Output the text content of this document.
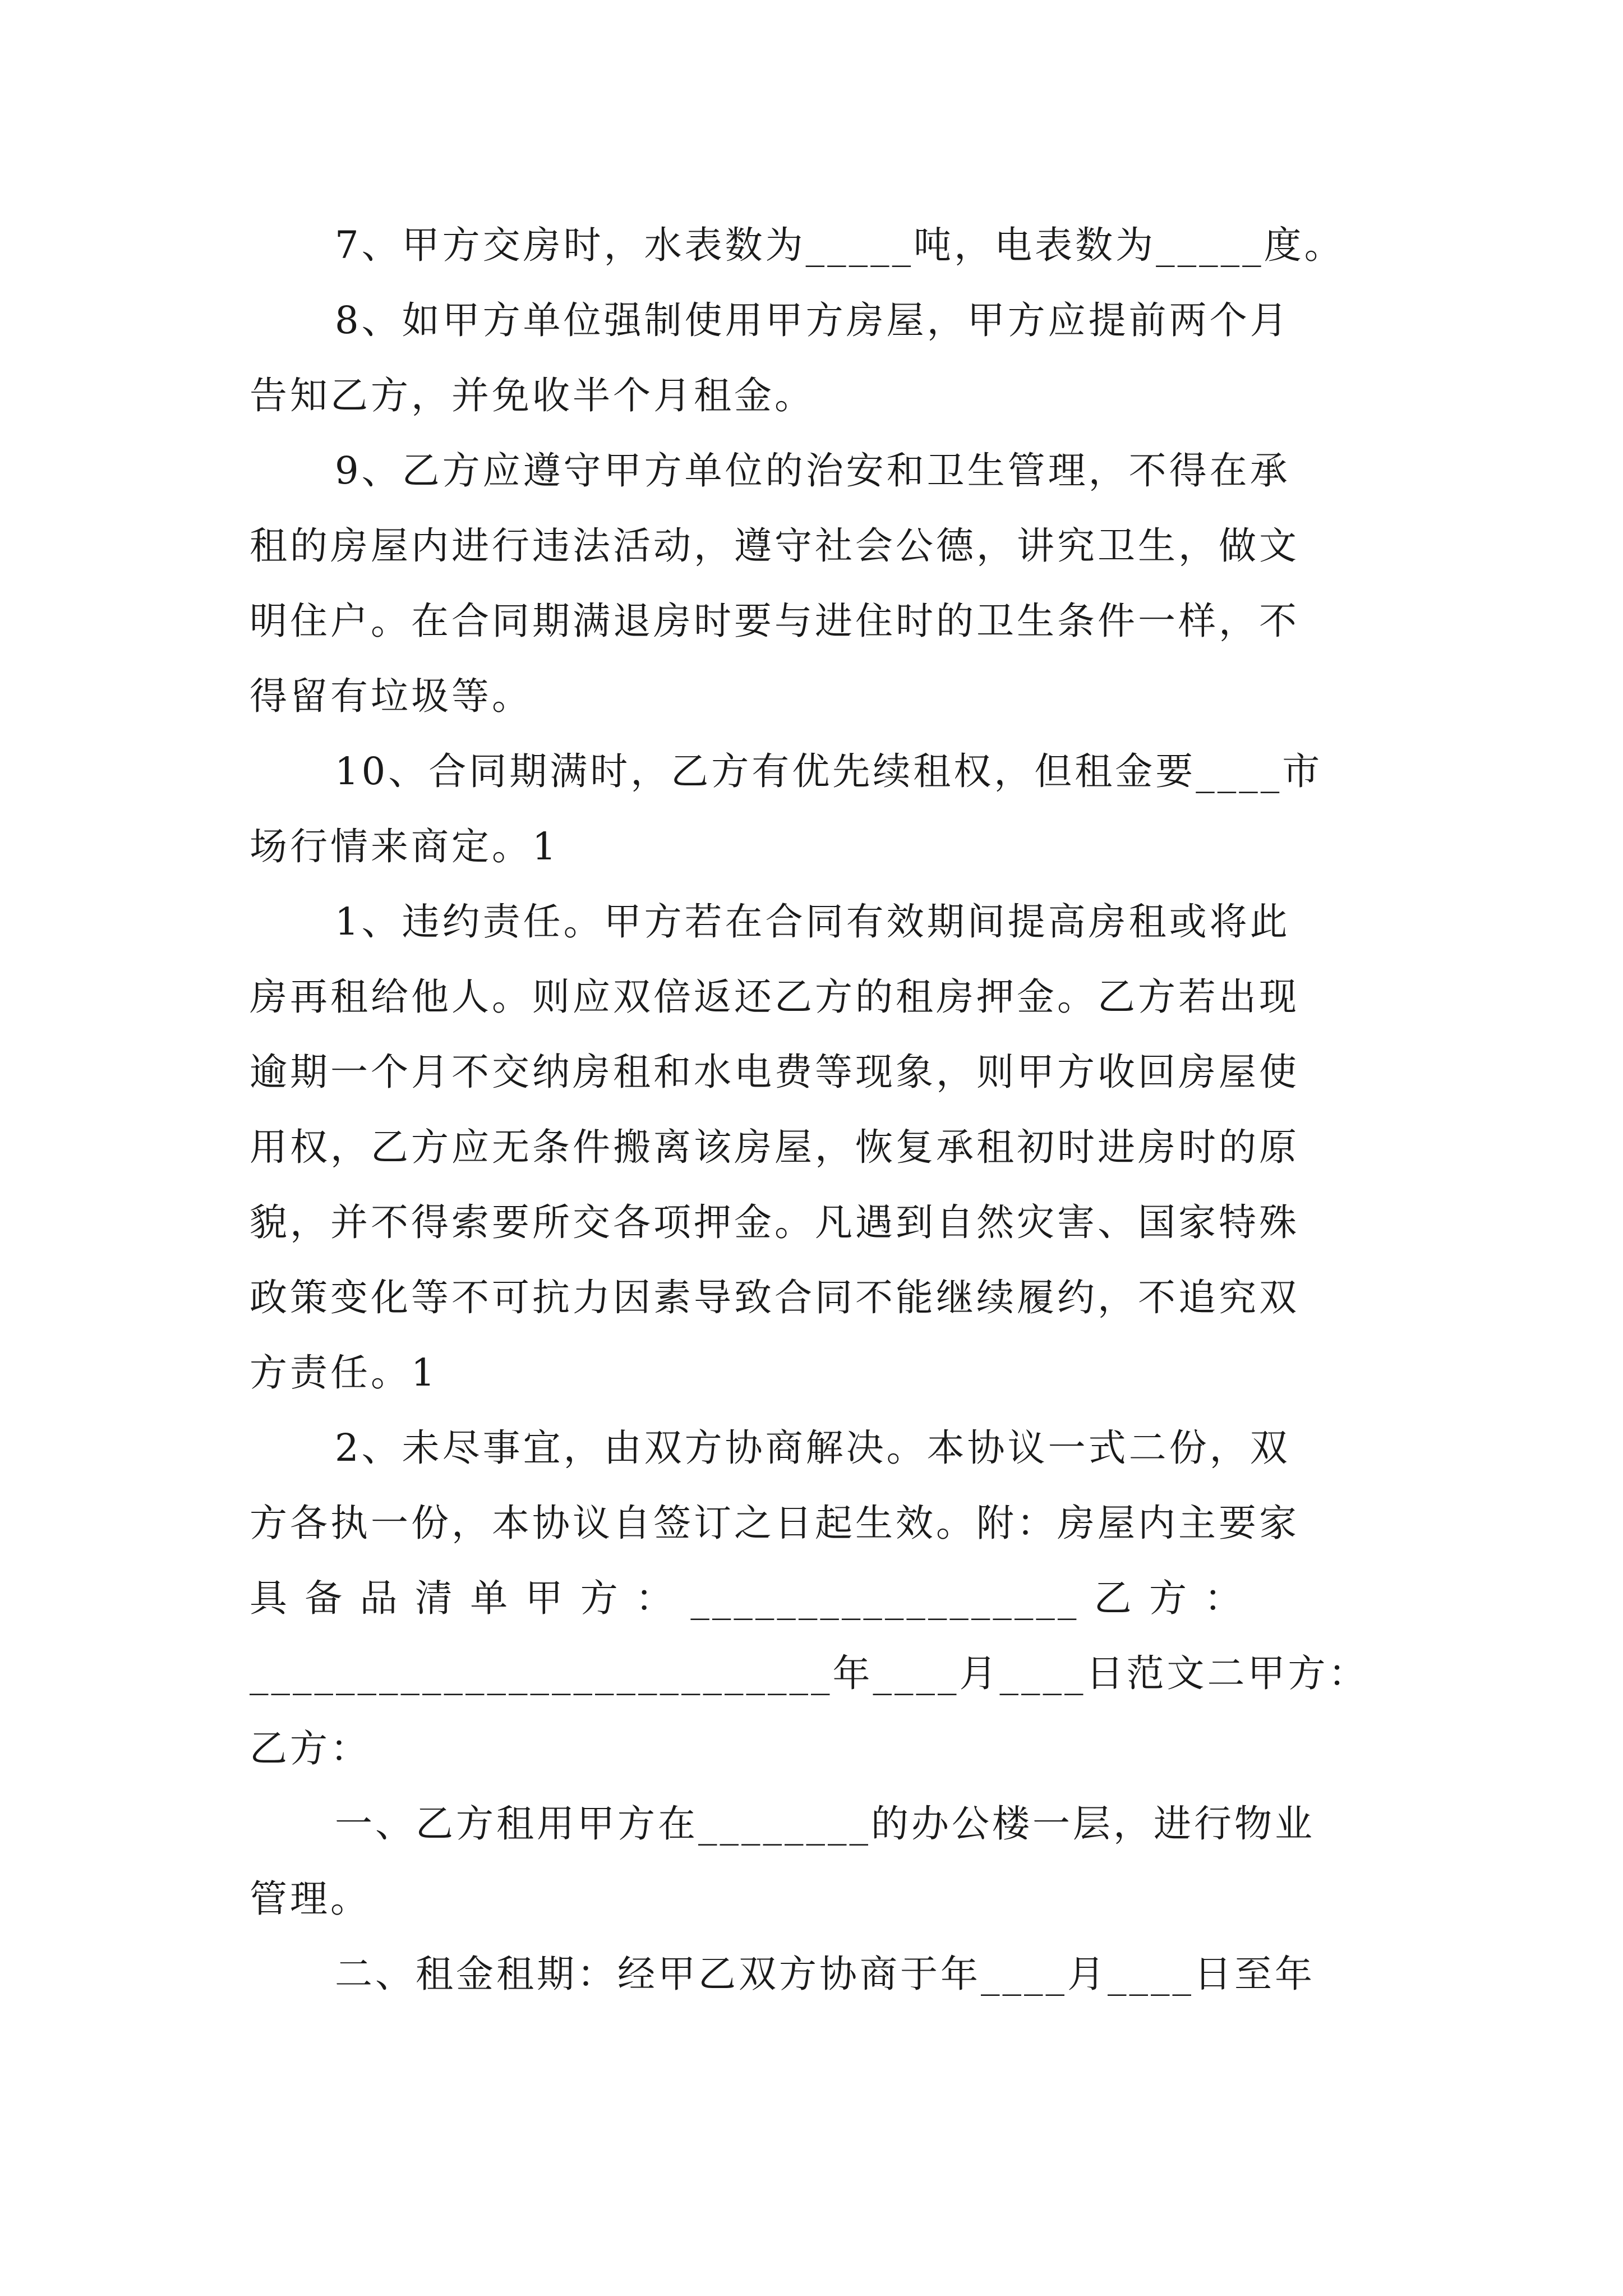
7、甲方交房时，水表数为_____吨，电表数为_____度。

8、如甲方单位强制使用甲方房屋，甲方应提前两个月

告知乙方，并免收半个月租金。

9、乙方应遵守甲方单位的治安和卫生管理，不得在承

租的房屋内进行违法活动，遵守社会公德，讲究卫生，做文

明住户。在合同期满退房时要与进住时的卫生条件一样，不

得留有垃圾等。

10、合同期满时，乙方有优先续租权，但租金要____市

场行情来商定。1

1、违约责任。甲方若在合同有效期间提高房租或将此

房再租给他人。则应双倍返还乙方的租房押金。乙方若出现

逾期一个月不交纳房租和水电费等现象，则甲方收回房屋使

用权，乙方应无条件搬离该房屋，恢复承租初时进房时的原

貌，并不得索要所交各项押金。凡遇到自然灾害、国家特殊

政策变化等不可抗力因素导致合同不能继续履约，不追究双

方责任。1

2、未尽事宜，由双方协商解决。本协议一式二份，双

方各执一份，本协议自签订之日起生效。附：房屋内主要家

具 备 品 清 单 甲 方 ： __________________ 乙 方 ：

___________________________年____月____日范文二甲方：

乙方：

一、乙方租用甲方在________的办公楼一层，进行物业

管理。

二、租金租期：经甲乙双方协商于年____月____日至年
